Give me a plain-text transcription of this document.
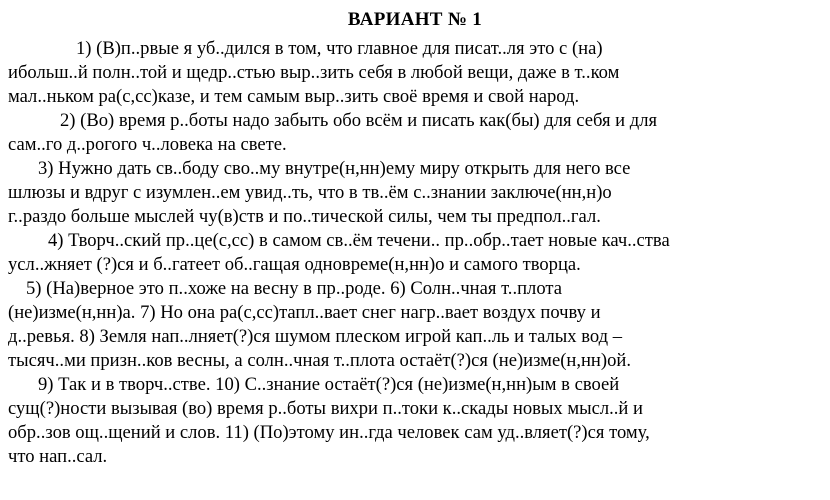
ВАРИАНТ № 1
1) (В)п..рвые я уб..дился в том, что главное для писат..ля это с (на)
ибольш..й полн..той и щедр..стью выр..зить себя в любой вещи, даже в т..ком
мал..ньком ра(с,сс)казе, и тем самым выр..зить своё время и свой народ.
2) (Во) время р..боты надо забыть обо всём и писать как(бы) для себя и для
сам..го д..рогого ч..ловека на свете.
3) Нужно дать св..боду сво..му внутре(н,нн)ему миру открыть для него все
шлюзы и вдруг с изумлен..ем увид..ть, что в тв..ём с..знании заключе(нн,н)о
г..раздо больше мыслей чу(в)ств и по..тической силы, чем ты предпол..гал.
4) Творч..ский пр..це(с,сс) в самом св..ём течени.. пр..обр..тает новые кач..ства
усл..жняет (?)ся и б..гатеет об..гащая одновреме(н,нн)о и самого творца.
5) (На)верное это п..хоже на весну в пр..роде. 6) Солн..чная т..плота
(не)изме(н,нн)а. 7) Но она ра(с,сс)тапл..вает снег нагр..вает воздух почву и
д..ревья. 8) Земля нап..лняет(?)ся шумом плеском игрой кап..ль и талых вод –
тысяч..ми призн..ков весны, а солн..чная т..плота остаёт(?)ся (не)изме(н,нн)ой.
9) Так и в творч..стве. 10) С..знание остаёт(?)ся (не)изме(н,нн)ым в своей
сущ(?)ности вызывая (во) время р..боты вихри п..токи к..скады новых мысл..й и
обр..зов ощ..щений и слов. 11) (По)этому ин..гда человек сам уд..вляет(?)ся тому,
что нап..сал.
